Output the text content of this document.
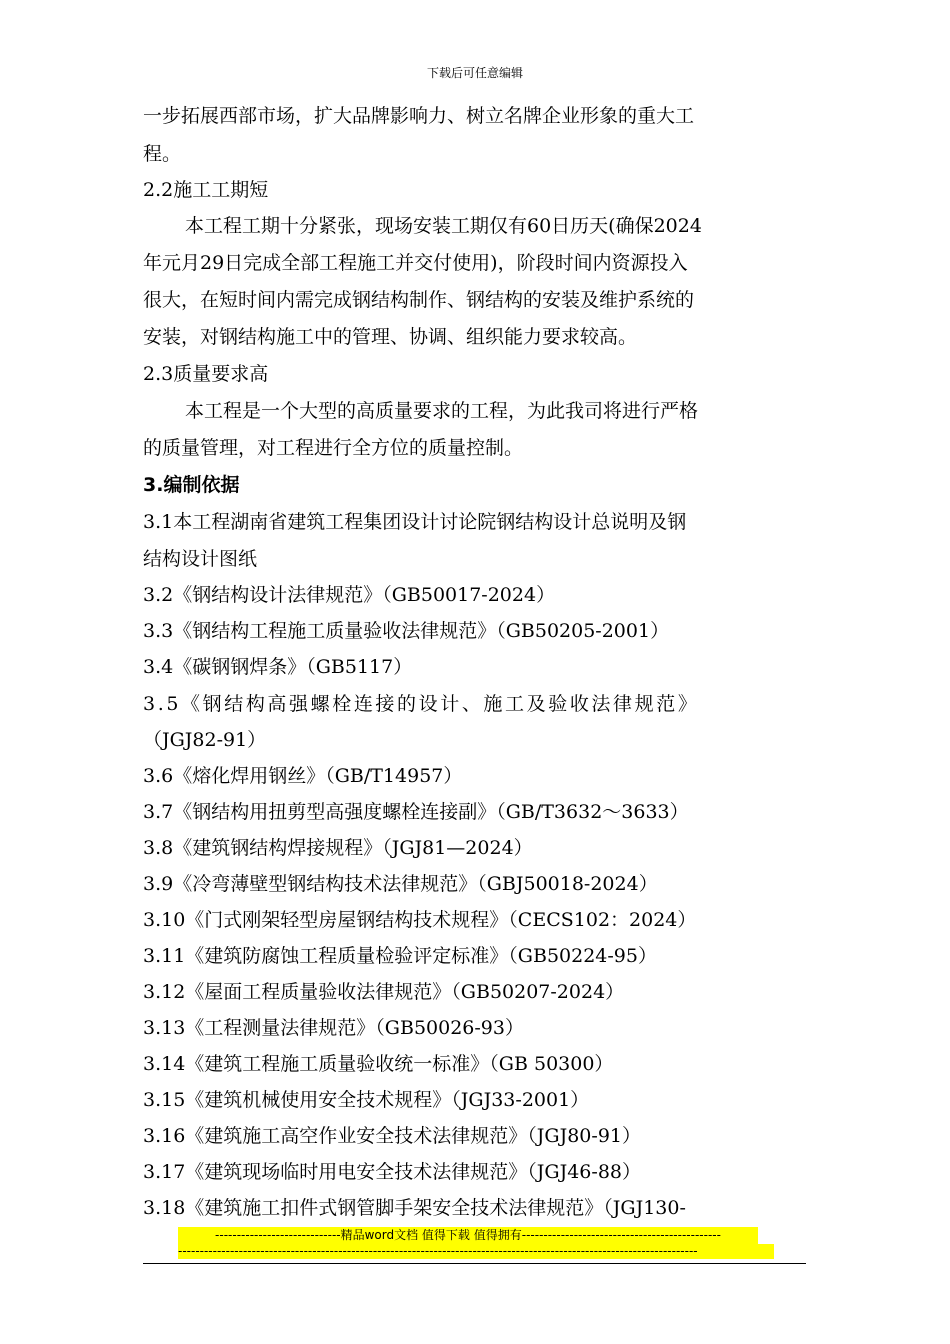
下载后可任意编辑
一步拓展西部市场，扩大品牌影响力、树立名牌企业形象的重大工
程。
2.2施工工期短
本工程工期十分紧张，现场安装工期仅有60日历天(确保2024
年元月29日完成全部工程施工并交付使用)，阶段时间内资源投入
很大，在短时间内需完成钢结构制作、钢结构的安装及维护系统的
安装，对钢结构施工中的管理、协调、组织能力要求较高。
2.3质量要求高
本工程是一个大型的高质量要求的工程，为此我司将进行严格
的质量管理，对工程进行全方位的质量控制。
3.编制依据
3.1本工程湖南省建筑工程集团设计讨论院钢结构设计总说明及钢
结构设计图纸
3.2《钢结构设计法律规范》（GB50017-2024）
3.3《钢结构工程施工质量验收法律规范》（GB50205-2001）
3.4《碳钢钢焊条》（GB5117）
3.5《钢结构高强螺栓连接的设计、施工及验收法律规范》
（JGJ82-91）
3.6《熔化焊用钢丝》（GB/T14957）
3.7《钢结构用扭剪型高强度螺栓连接副》（GB/T3632～3633）
3.8《建筑钢结构焊接规程》（JGJ81—2024）
3.9《冷弯薄壁型钢结构技术法律规范》（GBJ50018-2024）
3.10《门式刚架轻型房屋钢结构技术规程》（CECS102：2024）
3.11《建筑防腐蚀工程质量检验评定标准》（GB50224-95）
3.12《屋面工程质量验收法律规范》（GB50207-2024）
3.13《工程测量法律规范》（GB50026-93）
3.14《建筑工程施工质量验收统一标准》（GB 50300）
3.15《建筑机械使用安全技术规程》（JGJ33-2001）
3.16《建筑施工高空作业安全技术法律规范》（JGJ80-91）
3.17《建筑现场临时用电安全技术法律规范》（JGJ46-88）
3.18《建筑施工扣件式钢管脚手架安全技术法律规范》（JGJ130-
-----------------------------精品word文档 值得下载 值得拥有----------------------------------------------
------------------------------------------------------------------------------------------------------------------------
